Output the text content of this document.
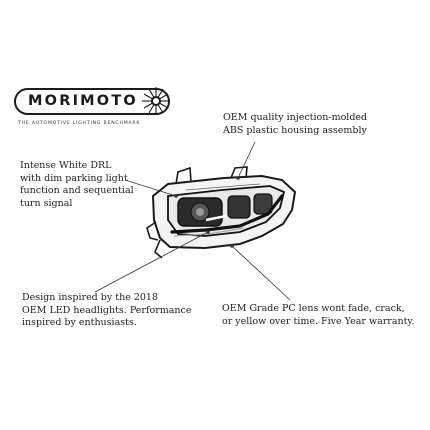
MORIMOTO
THE AUTOMOTIVE LIGHTING BENCHMARK
OEM quality injection-molded
ABS plastic housing assembly
Intense White DRL
with dim parking light
function and sequential
turn signal
Design inspired by the 2018
OEM LED headlights. Performance
inspired by enthusiasts.
OEM Grade PC lens wont fade, crack,
or yellow over time. Five Year warranty.
